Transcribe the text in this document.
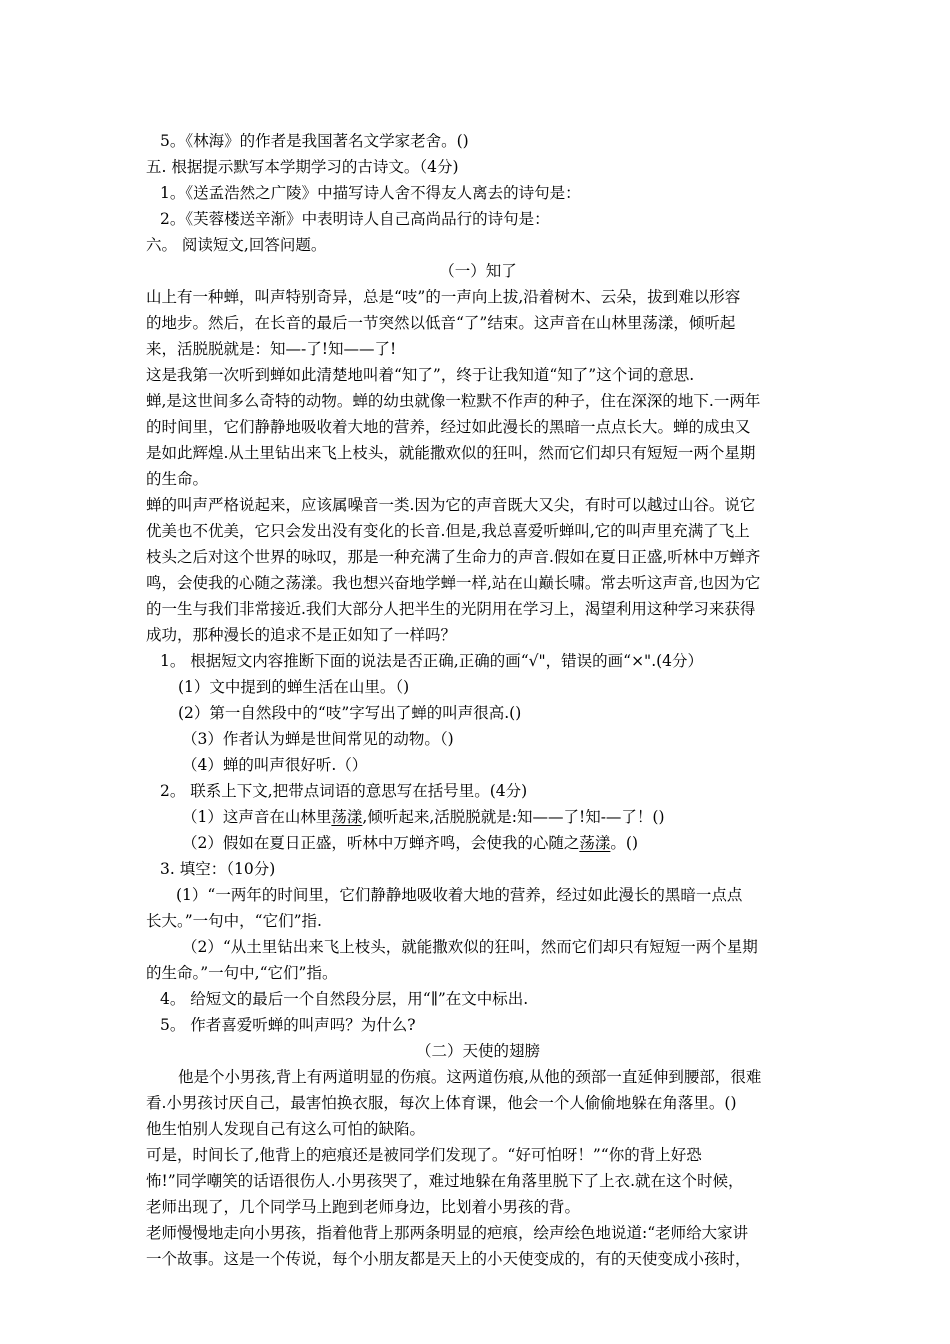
5。《林海》的作者是我国著名文学家老舍。()
五. 根据提示默写本学期学习的古诗文。（4分)
1。《送孟浩然之广陵》中描写诗人舍不得友人离去的诗句是：
2。《芙蓉楼送辛渐》中表明诗人自己高尚品行的诗句是：
六。 阅读短文,回答问题。
（一）知了
山上有一种蝉，叫声特别奇异，总是“吱”的一声向上拔,沿着树木、云朵，拔到难以形容
的地步。然后，在长音的最后一节突然以低音“了”结束。这声音在山林里荡漾，倾听起
来，活脱脱就是：知—-了!知——了!
这是我第一次听到蝉如此清楚地叫着“知了”，终于让我知道“知了”这个词的意思.
蝉,是这世间多么奇特的动物。蝉的幼虫就像一粒默不作声的种子，住在深深的地下.一两年
的时间里，它们静静地吸收着大地的营养，经过如此漫长的黑暗一点点长大。蝉的成虫又
是如此辉煌.从土里钻出来飞上枝头，就能撒欢似的狂叫，然而它们却只有短短一两个星期
的生命。
蝉的叫声严格说起来，应该属噪音一类.因为它的声音既大又尖，有时可以越过山谷。说它
优美也不优美，它只会发出没有变化的长音.但是,我总喜爱听蝉叫,它的叫声里充满了飞上
枝头之后对这个世界的咏叹，那是一种充满了生命力的声音.假如在夏日正盛,听林中万蝉齐
鸣，会使我的心随之荡漾。我也想兴奋地学蝉一样,站在山巅长啸。常去听这声音,也因为它
的一生与我们非常接近.我们大部分人把半生的光阴用在学习上，渴望利用这种学习来获得
成功，那种漫长的追求不是正如知了一样吗？
1。 根据短文内容推断下面的说法是否正确,正确的画“√"，错误的画“×".(4分）
(1）文中提到的蝉生活在山里。（)
(2）第一自然段中的“吱”字写出了蝉的叫声很高.()
（3）作者认为蝉是世间常见的动物。（)
（4）蝉的叫声很好听.（）
2。 联系上下文,把带点词语的意思写在括号里。(4分)
（1）这声音在山林里荡漾,倾听起来,活脱脱就是:知——了!知-—了！()
（2）假如在夏日正盛，听林中万蝉齐鸣，会使我的心随之荡漾。()
3. 填空：（10分)
(1）“一两年的时间里，它们静静地吸收着大地的营养，经过如此漫长的黑暗一点点
长大。”一句中，“它们”指.
（2）“从土里钻出来飞上枝头，就能撒欢似的狂叫，然而它们却只有短短一两个星期
的生命。”一句中,“它们”指。
4。 给短文的最后一个自然段分层，用“∥”在文中标出.
5。 作者喜爱听蝉的叫声吗？为什么?
（二）天使的翅膀
他是个小男孩,背上有两道明显的伤痕。这两道伤痕,从他的颈部一直延伸到腰部，很难
看.小男孩讨厌自己，最害怕换衣服，每次上体育课，他会一个人偷偷地躲在角落里。()
他生怕别人发现自己有这么可怕的缺陷。
可是，时间长了,他背上的疤痕还是被同学们发现了。“好可怕呀！”“你的背上好恐
怖!”同学嘲笑的话语很伤人.小男孩哭了，难过地躲在角落里脱下了上衣.就在这个时候，
老师出现了，几个同学马上跑到老师身边，比划着小男孩的背。
老师慢慢地走向小男孩，指着他背上那两条明显的疤痕，绘声绘色地说道:“老师给大家讲
一个故事。这是一个传说，每个小朋友都是天上的小天使变成的，有的天使变成小孩时，
